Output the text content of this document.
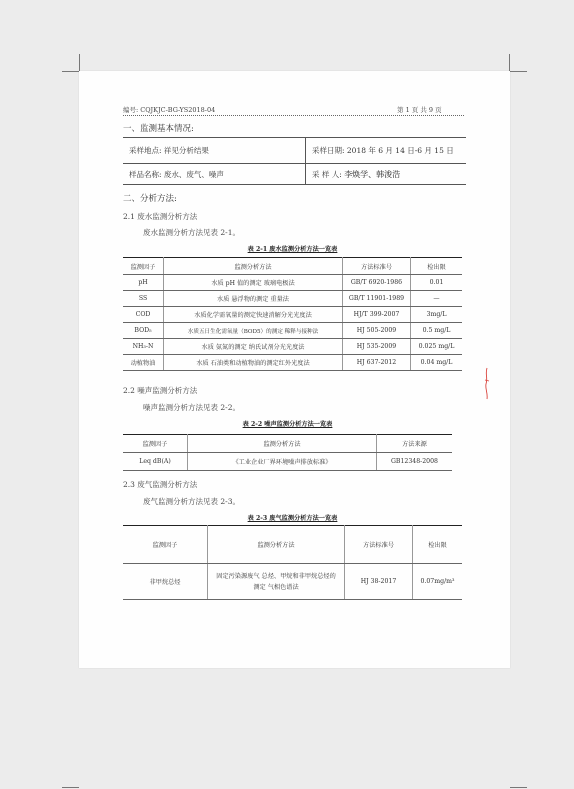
编号: CQJKJC-BG-YS2018-04	第 1 页 共 9 页
一、监测基本情况:
采样地点: 祥见分析结果	采样日期: 2018 年 6 月 14 日-6 月 15 日
样品名称: 废水、废气、噪声	采 样 人: 李焕学、韩浚浩
二、分析方法:
2.1 废水监测分析方法
废水监测分析方法见表 2-1。
表 2-1 废水监测分析方法一览表
监测因子	监测分析方法	方法标准号	检出限
pH	水质 pH 值的测定 玻璃电极法	GB/T 6920-1986	0.01
SS	水质 悬浮物的测定 重量法	GB/T 11901-1989	—
COD	水质化学需氧量的测定快速消解分光光度法	HJ/T 399-2007	3mg/L
BOD₅	水质五日生化需氧量（BOD5）的测定 稀释与接种法	HJ 505-2009	0.5 mg/L
NH₃-N	水质 氨氮的测定 纳氏试剂分光光度法	HJ 535-2009	0.025 mg/L
动植物油	水质 石油类和动植物油的测定红外光度法	HJ 637-2012	0.04 mg/L
2.2 噪声监测分析方法
噪声监测分析方法见表 2-2。
表 2-2 噪声监测分析方法一览表
监测因子	监测分析方法	方法来源
Leq dB(A)	《工业企业厂界环境噪声排放标准》	GB12348-2008
2.3 废气监测分析方法
废气监测分析方法见表 2-3。
表 2-3 废气监测分析方法一览表
监测因子	监测分析方法	方法标准号	检出限
非甲烷总烃	固定污染源废气 总烃、甲烷和非甲烷总烃的测定 气相色谱法	HJ 38-2017	0.07mg/m³
